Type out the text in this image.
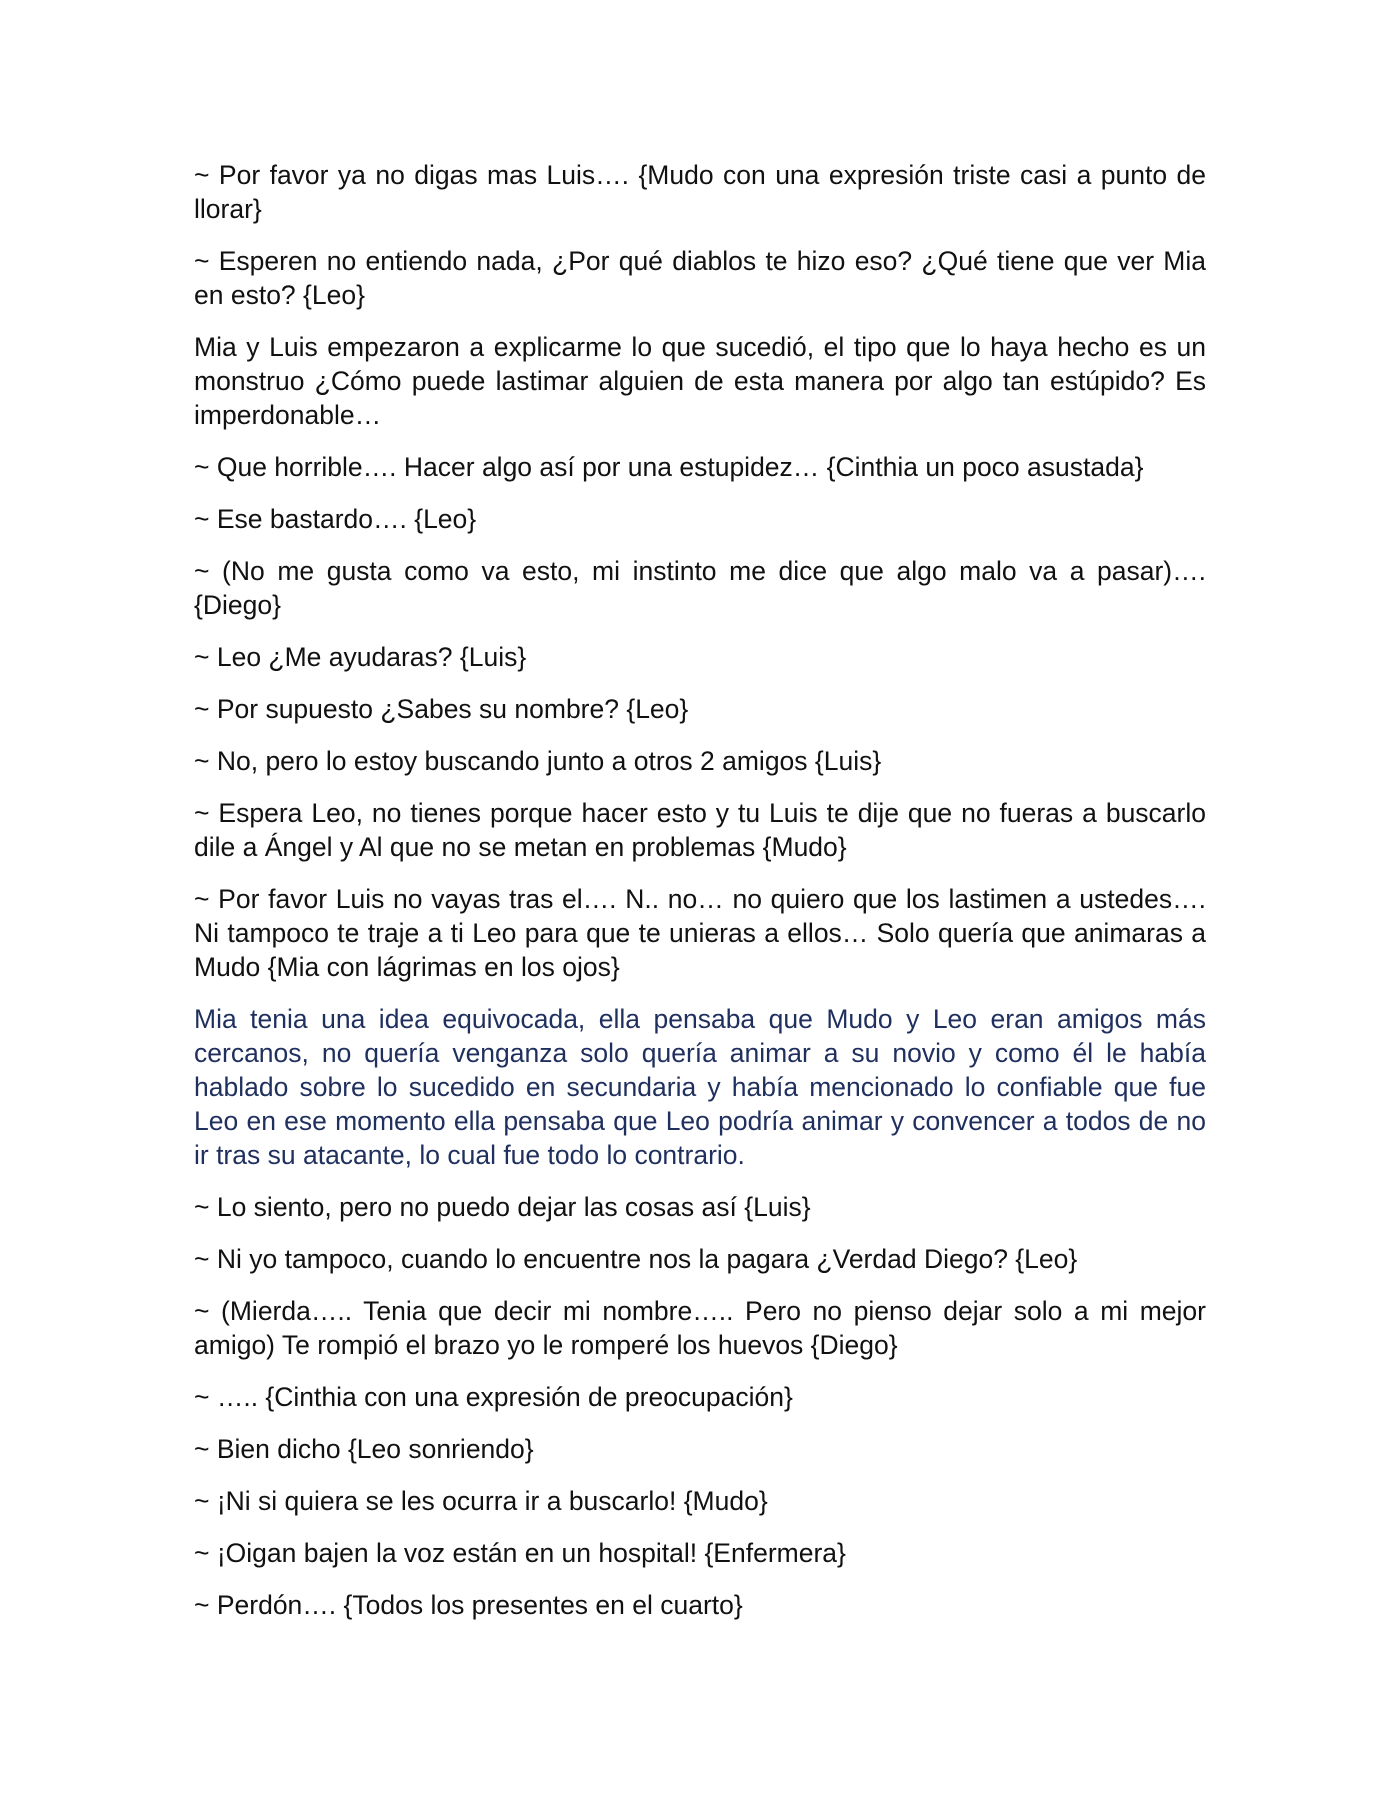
~ Por favor ya no digas mas Luis…. {Mudo con una expresión triste casi a punto de llorar}

~ Esperen no entiendo nada, ¿Por qué diablos te hizo eso? ¿Qué tiene que ver Mia en esto? {Leo}

Mia y Luis empezaron a explicarme lo que sucedió, el tipo que lo haya hecho es un monstruo ¿Cómo puede lastimar alguien de esta manera por algo tan estúpido? Es imperdonable…

~ Que horrible…. Hacer algo así por una estupidez… {Cinthia un poco asustada}

~ Ese bastardo…. {Leo}

~ (No me gusta como va esto, mi instinto me dice que algo malo va a pasar)…. {Diego}

~ Leo ¿Me ayudaras? {Luis}

~ Por supuesto ¿Sabes su nombre? {Leo}

~ No, pero lo estoy buscando junto a otros 2 amigos {Luis}

~ Espera Leo, no tienes porque hacer esto y tu Luis te dije que no fueras a buscarlo dile a Ángel y Al que no se metan en problemas {Mudo}

~ Por favor Luis no vayas tras el…. N.. no… no quiero que los lastimen a ustedes…. Ni tampoco te traje a ti Leo para que te unieras a ellos… Solo quería que animaras a Mudo {Mia con lágrimas en los ojos}

Mia tenia una idea equivocada, ella pensaba que Mudo y Leo eran amigos más cercanos, no quería venganza solo quería animar a su novio y como él le había hablado sobre lo sucedido en secundaria y había mencionado lo confiable que fue Leo en ese momento ella pensaba que Leo podría animar y convencer a todos de no ir tras su atacante, lo cual fue todo lo contrario.

~ Lo siento, pero no puedo dejar las cosas así {Luis}

~ Ni yo tampoco, cuando lo encuentre nos la pagara ¿Verdad Diego? {Leo}

~ (Mierda….. Tenia que decir mi nombre….. Pero no pienso dejar solo a mi mejor amigo) Te rompió el brazo yo le romperé los huevos {Diego}

~ ….. {Cinthia con una expresión de preocupación}

~ Bien dicho {Leo sonriendo}

~ ¡Ni si quiera se les ocurra ir a buscarlo! {Mudo}

~ ¡Oigan bajen la voz están en un hospital! {Enfermera}

~ Perdón…. {Todos los presentes en el cuarto}
